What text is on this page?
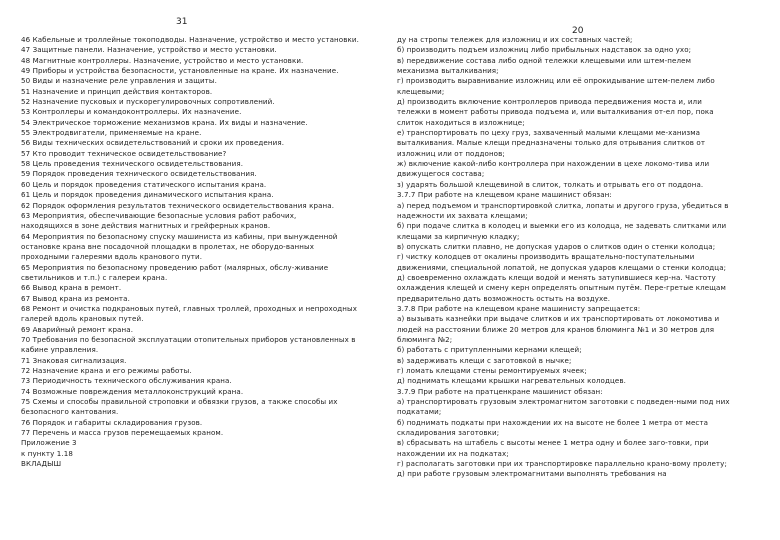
31
20
46 Кабельные и троллейные токоподводы. Назначение, устройство и место установки.
47 Защитные панели. Назначение, устройство и место установки.
48 Магнитные контроллеры. Назначение, устройство и место установки.
49 Приборы и устройства безопасности, установленные на кране. Их назначение.
50 Виды и назначение реле управления и защиты.
51 Назначение и принцип действия контакторов.
52 Назначение пусковых и пускорегулировочных сопротивлений.
53 Контроллеры и командоконтроллеры. Их назначение.
54 Электрическое торможение механизмов крана. Их виды и назначение.
55 Электродвигатели, применяемые на кране.
56 Виды технических освидетельствований и сроки их проведения.
57 Кто проводит техническое освидетельствование?
58 Цель проведения технического освидетельствования.
59 Порядок проведения технического освидетельствования.
60 Цель и порядок проведения статического испытания крана.
61 Цель и порядок проведения динамического испытания крана.
62 Порядок оформления результатов технического освидетельствования крана.
63 Мероприятия, обеспечивающие безопасные условия работ рабочих,
находящихся в зоне действия магнитных и грейферных кранов.
64 Мероприятия по безопасному спуску машиниста из кабины, при вынужденной
остановке крана вне посадочной площадки в пролетах, не оборудо-ванных
проходными галереями вдоль кранового пути.
65 Мероприятия по безопасному проведению работ (малярных, обслу-живание
светильников и т.п.) с галереи крана.
66 Вывод крана в ремонт.
67 Вывод крана из ремонта.
68 Ремонт и очистка подкрановых путей, главных троллей, проходных и непроходных
галерей вдоль крановых путей.
69 Аварийный ремонт крана.
70 Требования по безопасной эксплуатации отопительных приборов установленных в
кабине управления.
71 Знаковая сигнализация.
72 Назначение крана и его режимы работы.
73 Периодичность технического обслуживания крана.
74 Возможные повреждения металлоконструкций крана.
75 Схемы и способы правильной строповки и обвязки грузов, а также способы их
безопасного кантования.
76 Порядок и габариты складирования грузов.
77 Перечень и масса грузов перемещаемых краном.
Приложение 3
к пункту 1.18
ВКЛАДЫШ
ду на стропы тележек для изложниц и их составных частей;
б) производить подъем изложниц либо прибыльных надставок за одно ухо;
в) передвижение состава либо одной тележки клещевыми или штем-пелем
механизма выталкивания;
г) производить выравнивание изложниц или её опрокидывание штем-пелем либо
клещевыми;
д) производить включение контроллеров привода передвижения моста и, или
тележки в момент работы привода подъема и, или выталкивания от-ел пор, пока
слиток находиться в изложнице;
е) транспортировать по цеху груз, захваченный малыми клещами ме-ханизма
выталкивания. Малые клещи предназначены только для отрывания слитков от
изложниц или от поддонов;
ж) включение какой-либо контроллера при нахождении в цехе локомо-тива или
движущегося состава;
з) ударять большой клещевиной в слиток, толкать и отрывать его от поддона.
3.7.7 При работе на клещевом кране машинист обязан:
а) перед подъемом и транспортировкой слитка, лопаты и другого груза, убедиться в
надежности их захвата клещами;
б) при подаче слитка в колодец и выемки его из колодца, не задевать слитками или
клещами за кирпичную кладку;
в) опускать слитки плавно, не допуская ударов о слитков один о стенки колодца;
г) чистку колодцев от окалины производить вращательно-поступательными
движениями, специальной лопатой, не допуская ударов клещами о стенки колодца;
д) своевременно охлаждать клещи водой и менять затупившиеся кер-на. Частоту
охлаждения клещей и смену керн определять опытным путём. Пере-гретые клещам
предварительно дать возможность остыть на воздухе.
3.7.8 При работе на клещевом кране машинисту запрещается:
а) вызывать казнейки при выдаче слитков и их транспортировать от локомотива и
людей на расстоянии ближе 20 метров для кранов блюминга №1 и 30 метров для
блюминга №2;
б) работать с притупленными кернами клещей;
в) задерживать клещи с заготовкой в нычке;
г) ломать клещами стены ремонтируемых ячеек;
д) поднимать клещами крышки нагревательных колодцев.
3.7.9 При работе на пратценкране машинист обязан:
а) транспортировать грузовым электромагнитом заготовки с подведен-ными под них
подкатами;
б) поднимать подкаты при нахождении их на высоте не более 1 метра от места
складирования заготовки;
в) сбрасывать на штабель с высоты менее 1 метра одну и более заго-товки, при
нахождении их на подкатах;
г) располагать заготовки при их транспортировке параллельно крано-вому пролету;
д) при работе грузовым электромагнитами выполнять требования на
